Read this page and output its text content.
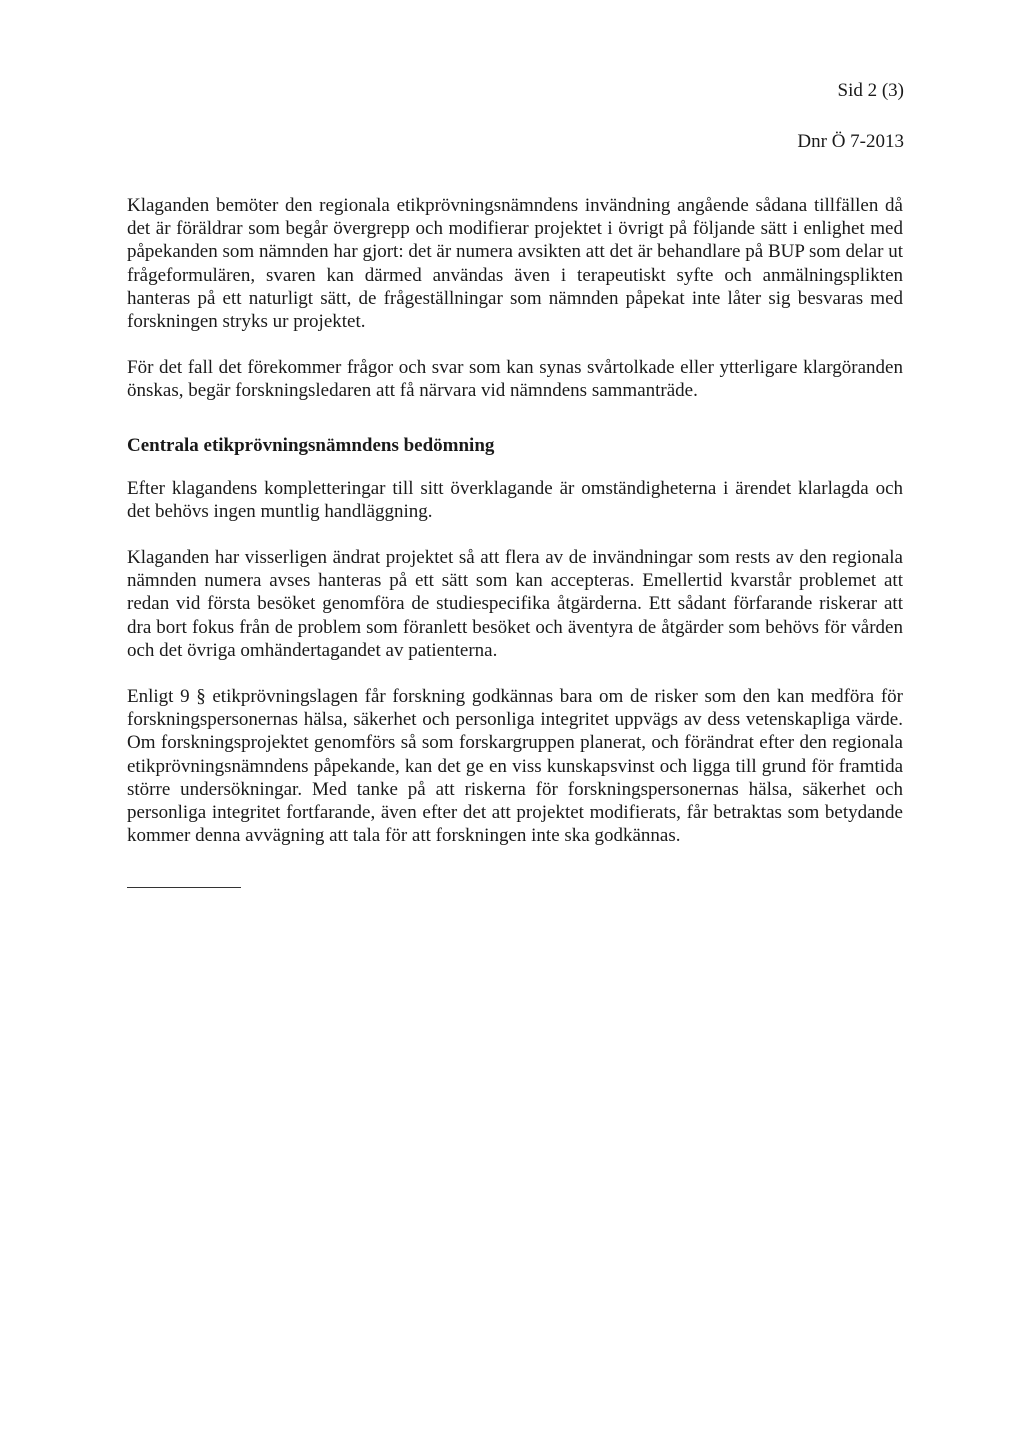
Sid 2 (3)
Dnr Ö 7-2013

Klaganden bemöter den regionala etikprövningsnämndens invändning angående sådana tillfällen då det är föräldrar som begår övergrepp och modifierar projektet i övrigt på följande sätt i enlighet med påpekanden som nämnden har gjort: det är numera avsikten att det är behandlare på BUP som delar ut frågeformulären, svaren kan därmed användas även i terapeutiskt syfte och anmälningsplikten hanteras på ett naturligt sätt, de frågeställningar som nämnden påpekat inte låter sig besvaras med forskningen stryks ur projektet.

För det fall det förekommer frågor och svar som kan synas svårtolkade eller ytterligare klargöranden önskas, begär forskningsledaren att få närvara vid nämndens sammanträde.

Centrala etikprövningsnämndens bedömning

Efter klagandens kompletteringar till sitt överklagande är omständigheterna i ärendet klarlagda och det behövs ingen muntlig handläggning.

Klaganden har visserligen ändrat projektet så att flera av de invändningar som rests av den regionala nämnden numera avses hanteras på ett sätt som kan accepteras. Emellertid kvarstår problemet att redan vid första besöket genomföra de studiespecifika åtgärderna. Ett sådant förfarande riskerar att dra bort fokus från de problem som föranlett besöket och äventyra de åtgärder som behövs för vården och det övriga omhändertagandet av patienterna.

Enligt 9 § etikprövningslagen får forskning godkännas bara om de risker som den kan medföra för forskningspersonernas hälsa, säkerhet och personliga integritet uppvägs av dess vetenskapliga värde. Om forskningsprojektet genomförs så som forskargruppen planerat, och förändrat efter den regionala etikprövningsnämndens påpekande, kan det ge en viss kunskapsvinst och ligga till grund för framtida större undersökningar. Med tanke på att riskerna för forskningspersonernas hälsa, säkerhet och personliga integritet fortfarande, även efter det att projektet modifierats, får betraktas som betydande kommer denna avvägning att tala för att forskningen inte ska godkännas.
